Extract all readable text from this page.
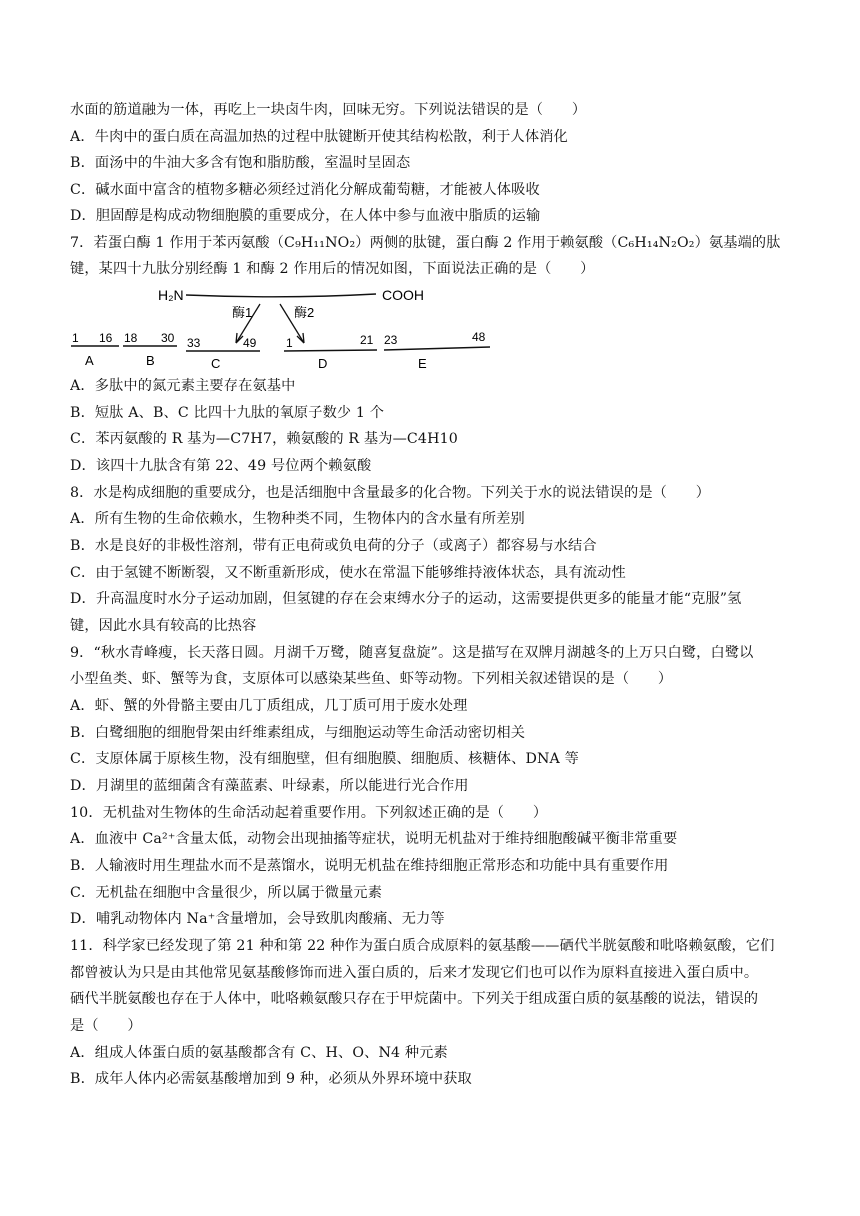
水面的筋道融为一体，再吃上一块卤牛肉，回味无穷。下列说法错误的是（　　）
A．牛肉中的蛋白质在高温加热的过程中肽键断开使其结构松散，利于人体消化
B．面汤中的牛油大多含有饱和脂肪酸，室温时呈固态
C．碱水面中富含的植物多糖必须经过消化分解成葡萄糖，才能被人体吸收
D．胆固醇是构成动物细胞膜的重要成分，在人体中参与血液中脂质的运输
7．若蛋白酶 1 作用于苯丙氨酸（C₉H₁₁NO₂）两侧的肽键，蛋白酶 2 作用于赖氨酸（C₆H₁₄N₂O₂）氨基端的肽
键，某四十九肽分别经酶 1 和酶 2 作用后的情况如图，下面说法正确的是（　　）
H₂N	COOH
酶1	酶2
1 16
A
18 30
B
33	49
C
1	21
D
23	48
E
A．多肽中的氮元素主要存在氨基中
B．短肽 A、B、C 比四十九肽的氧原子数少 1 个
C．苯丙氨酸的 R 基为—C7H7，赖氨酸的 R 基为—C4H10
D．该四十九肽含有第 22、49 号位两个赖氨酸
8．水是构成细胞的重要成分，也是活细胞中含量最多的化合物。下列关于水的说法错误的是（　　）
A．所有生物的生命依赖水，生物种类不同，生物体内的含水量有所差别
B．水是良好的非极性溶剂，带有正电荷或负电荷的分子（或离子）都容易与水结合
C．由于氢键不断断裂，又不断重新形成，使水在常温下能够维持液体状态，具有流动性
D．升高温度时水分子运动加剧，但氢键的存在会束缚水分子的运动，这需要提供更多的能量才能“克服”氢
键，因此水具有较高的比热容
9．“秋水青峰瘦，长天落日圆。月湖千万鹭，随喜复盘旋”。这是描写在双牌月湖越冬的上万只白鹭，白鹭以
小型鱼类、虾、蟹等为食，支原体可以感染某些鱼、虾等动物。下列相关叙述错误的是（　　）
A．虾、蟹的外骨骼主要由几丁质组成，几丁质可用于废水处理
B．白鹭细胞的细胞骨架由纤维素组成，与细胞运动等生命活动密切相关
C．支原体属于原核生物，没有细胞壁，但有细胞膜、细胞质、核糖体、DNA 等
D．月湖里的蓝细菌含有藻蓝素、叶绿素，所以能进行光合作用
10．无机盐对生物体的生命活动起着重要作用。下列叙述正确的是（　　）
A．血液中 Ca²⁺含量太低，动物会出现抽搐等症状，说明无机盐对于维持细胞酸碱平衡非常重要
B．人输液时用生理盐水而不是蒸馏水，说明无机盐在维持细胞正常形态和功能中具有重要作用
C．无机盐在细胞中含量很少，所以属于微量元素
D．哺乳动物体内 Na⁺含量增加，会导致肌肉酸痛、无力等
11．科学家已经发现了第 21 种和第 22 种作为蛋白质合成原料的氨基酸——硒代半胱氨酸和吡咯赖氨酸，它们
都曾被认为只是由其他常见氨基酸修饰而进入蛋白质的，后来才发现它们也可以作为原料直接进入蛋白质中。
硒代半胱氨酸也存在于人体中，吡咯赖氨酸只存在于甲烷菌中。下列关于组成蛋白质的氨基酸的说法，错误的
是（　　）
A．组成人体蛋白质的氨基酸都含有 C、H、O、N4 种元素
B．成年人体内必需氨基酸增加到 9 种，必须从外界环境中获取
